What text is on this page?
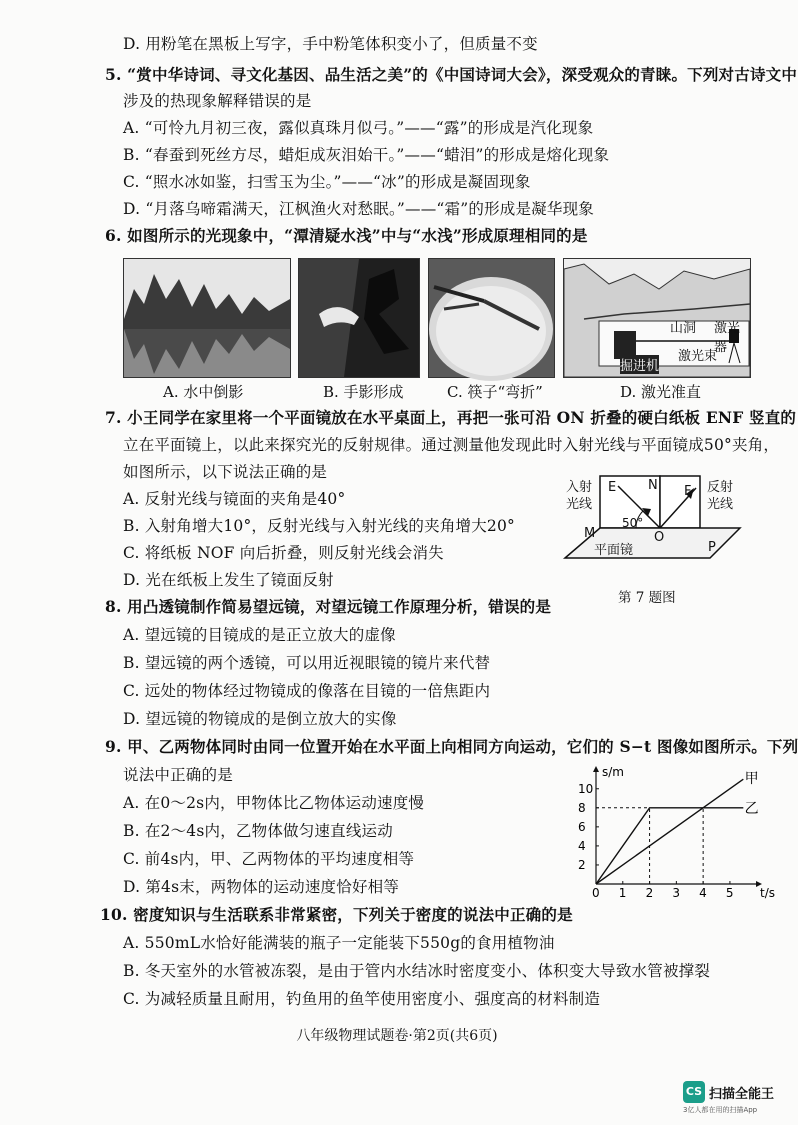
D. 用粉笔在黑板上写字，手中粉笔体积变小了，但质量不变
5. “赏中华诗词、寻文化基因、品生活之美”的《中国诗词大会》，深受观众的青睐。下列对古诗文中
涉及的热现象解释错误的是
A. “可怜九月初三夜，露似真珠月似弓。”——“露”的形成是汽化现象
B. “春蚕到死丝方尽，蜡炬成灰泪始干。”——“蜡泪”的形成是熔化现象
C. “照水冰如鉴，扫雪玉为尘。”——“冰”的形成是凝固现象
D. “月落乌啼霜满天，江枫渔火对愁眠。”——“霜”的形成是凝华现象
6. 如图所示的光现象中，“潭清疑水浅”中与“水浅”形成原理相同的是
山洞 激光器
激光束
掘进机
A. 水中倒影	B. 手影形成	C. 筷子“弯折”	D. 激光准直
7. 小王同学在家里将一个平面镜放在水平桌面上，再把一张可沿 ON 折叠的硬白纸板 ENF 竖直的
立在平面镜上，以此来探究光的反射规律。通过测量他发现此时入射光线与平面镜成50°夹角，
如图所示，以下说法正确的是
A. 反射光线与镜面的夹角是40°
B. 入射角增大10°，反射光线与入射光线的夹角增大20°
C. 将纸板 NOF 向后折叠，则反射光线会消失
D. 光在纸板上发生了镜面反射
入射
光线
反射
光线
E N F
M	O
P
50°
平面镜
第 7 题图
8. 用凸透镜制作简易望远镜，对望远镜工作原理分析，错误的是
A. 望远镜的目镜成的是正立放大的虚像
B. 望远镜的两个透镜，可以用近视眼镜的镜片来代替
C. 远处的物体经过物镜成的像落在目镜的一倍焦距内
D. 望远镜的物镜成的是倒立放大的实像
9. 甲、乙两物体同时由同一位置开始在水平面上向相同方向运动，它们的 S−t 图像如图所示。下列
说法中正确的是
A. 在0～2s内，甲物体比乙物体运动速度慢
B. 在2～4s内，乙物体做匀速直线运动
C. 前4s内，甲、乙两物体的平均速度相等
D. 第4s末，两物体的运动速度恰好相等
s/m
t/s
0 1 2 3 4 5
2
4
6
8
10
甲
乙
10. 密度知识与生活联系非常紧密，下列关于密度的说法中正确的是
A. 550mL水恰好能满装的瓶子一定能装下550g的食用植物油
B. 冬天室外的水管被冻裂，是由于管内水结冰时密度变小、体积变大导致水管被撑裂
C. 为减轻质量且耐用，钓鱼用的鱼竿使用密度小、强度高的材料制造
八年级物理试题卷·第2页(共6页)
CS 扫描全能王
3亿人都在用的扫描App
